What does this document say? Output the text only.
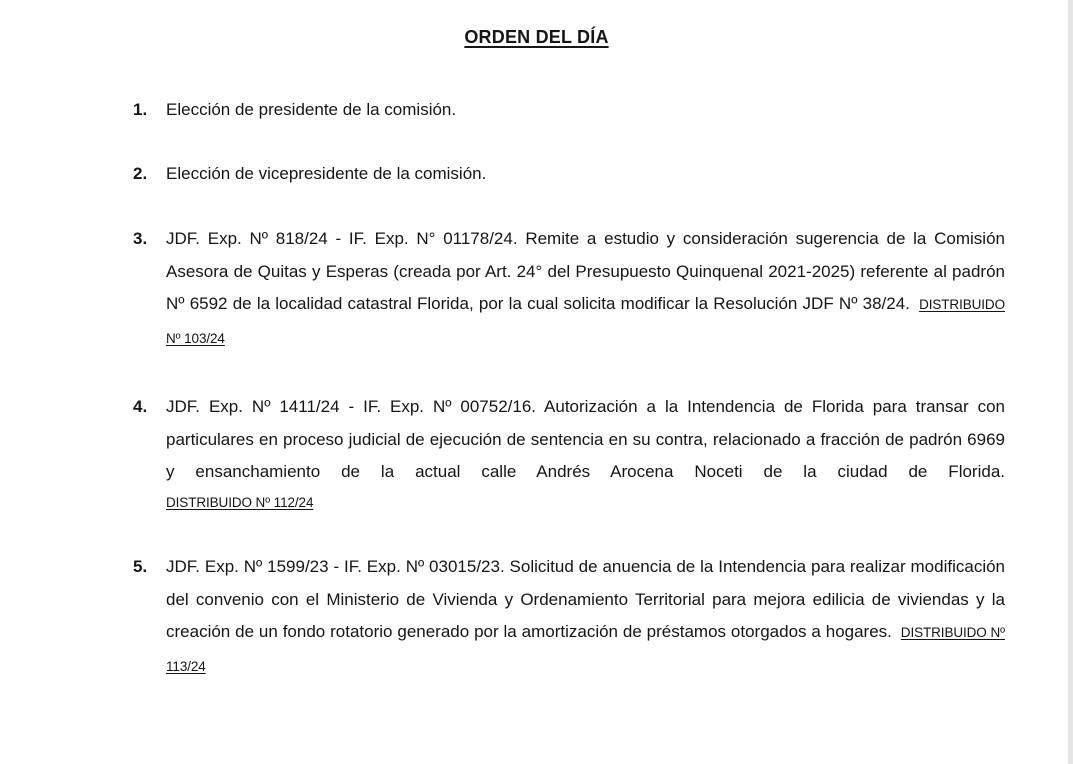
ORDEN DEL DÍA
1.	Elección de presidente de la comisión.
2.	Elección de vicepresidente de la comisión.
3.	JDF. Exp. Nº 818/24 - IF. Exp. N° 01178/24. Remite a estudio y consideración sugerencia de la Comisión Asesora de Quitas y Esperas (creada por Art. 24° del Presupuesto Quinquenal 2021-2025) referente al padrón Nº 6592 de la localidad catastral Florida, por la cual solicita modificar la Resolución JDF Nº 38/24. DISTRIBUIDO Nº 103/24
4.	JDF. Exp. Nº 1411/24 - IF. Exp. Nº 00752/16. Autorización a la Intendencia de Florida para transar con particulares en proceso judicial de ejecución de sentencia en su contra, relacionado a fracción de padrón 6969 y ensanchamiento de la actual calle Andrés Arocena Noceti de la ciudad de Florida.
DISTRIBUIDO Nº 112/24
5.	JDF. Exp. Nº 1599/23 - IF. Exp. Nº 03015/23. Solicitud de anuencia de la Intendencia para realizar modificación del convenio con el Ministerio de Vivienda y Ordenamiento Territorial para mejora edilicia de viviendas y la creación de un fondo rotatorio generado por la amortización de préstamos otorgados a hogares. DISTRIBUIDO Nº 113/24
